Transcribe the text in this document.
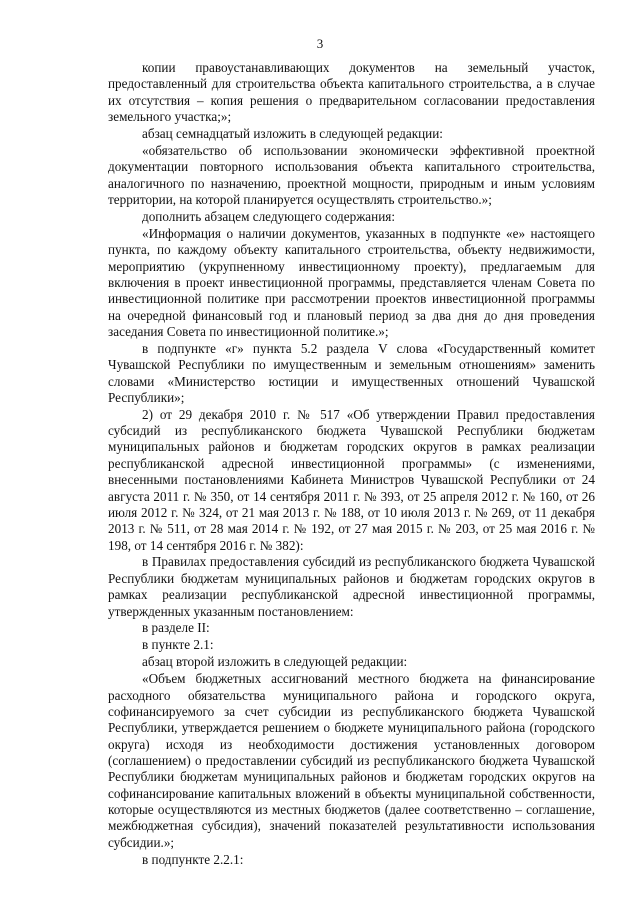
3

копии правоустанавливающих документов на земельный участок, предоставленный для строительства объекта капитального строительства, а в случае их отсутствия – копия решения о предварительном согласовании предоставления земельного участка;»;

абзац семнадцатый изложить в следующей редакции:

«обязательство об использовании экономически эффективной проектной документации повторного использования объекта капитального строительства, аналогичного по назначению, проектной мощности, природным и иным условиям территории, на которой планируется осуществлять строительство.»;

дополнить абзацем следующего содержания:

«Информация о наличии документов, указанных в подпункте «е» настоящего пункта, по каждому объекту капитального строительства, объекту недвижимости, мероприятию (укрупненному инвестиционному проекту), предлагаемым для включения в проект инвестиционной программы, представляется членам Совета по инвестиционной политике при рассмотрении проектов инвестиционной программы на очередной финансовый год и плановый период за два дня до дня проведения заседания Совета по инвестиционной политике.»;

в подпункте «г» пункта 5.2 раздела V слова «Государственный комитет Чувашской Республики по имущественным и земельным отношениям» заменить словами «Министерство юстиции и имущественных отношений Чувашской Республики»;

2) от 29 декабря 2010 г. № 517 «Об утверждении Правил предоставления субсидий из республиканского бюджета Чувашской Республики бюджетам муниципальных районов и бюджетам городских округов в рамках реализации республиканской адресной инвестиционной программы» (с изменениями, внесенными постановлениями Кабинета Министров Чувашской Республики от 24 августа 2011 г. № 350, от 14 сентября 2011 г. № 393, от 25 апреля 2012 г. № 160, от 26 июля 2012 г. № 324, от 21 мая 2013 г. № 188, от 10 июля 2013 г. № 269, от 11 декабря 2013 г. № 511, от 28 мая 2014 г. № 192, от 27 мая 2015 г. № 203, от 25 мая 2016 г. № 198, от 14 сентября 2016 г. № 382):

в Правилах предоставления субсидий из республиканского бюджета Чувашской Республики бюджетам муниципальных районов и бюджетам городских округов в рамках реализации республиканской адресной инвестиционной программы, утвержденных указанным постановлением:

в разделе II:

в пункте 2.1:

абзац второй изложить в следующей редакции:

«Объем бюджетных ассигнований местного бюджета на финансирование расходного обязательства муниципального района и городского округа, софинансируемого за счет субсидии из республиканского бюджета Чувашской Республики, утверждается решением о бюджете муниципального района (городского округа) исходя из необходимости достижения установленных договором (соглашением) о предоставлении субсидий из республиканского бюджета Чувашской Республики бюджетам муниципальных районов и бюджетам городских округов на софинансирование капитальных вложений в объекты муниципальной собственности, которые осуществляются из местных бюджетов (далее соответственно – соглашение, межбюджетная субсидия), значений показателей результативности использования субсидии.»;

в подпункте 2.2.1:
